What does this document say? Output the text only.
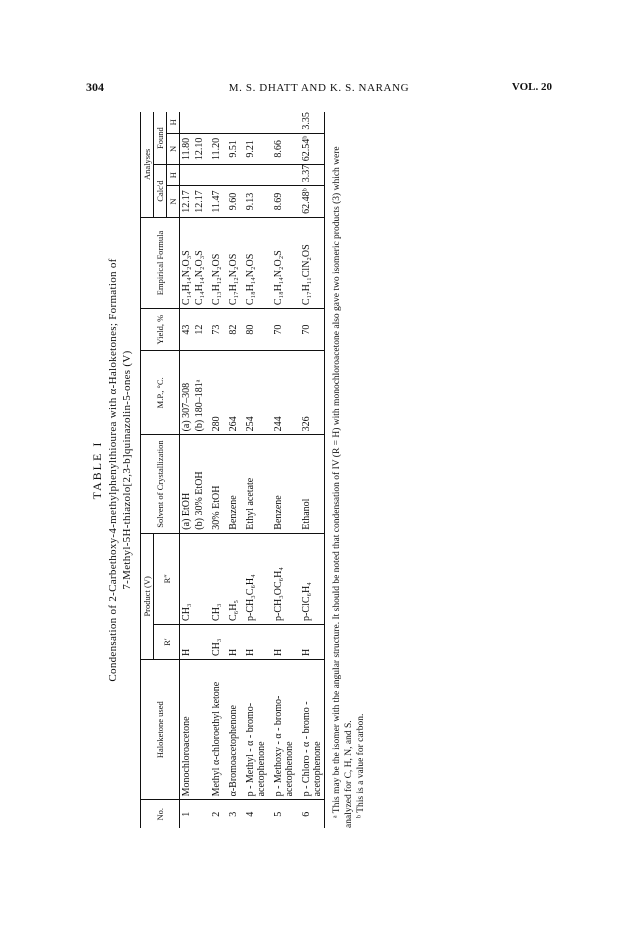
304	M. S. DHATT AND K. S. NARANG	VOL. 20
TABLE I Condensation of 2-Carbethoxy-4-methylphenylthiourea with α-Haloketones; Formation of 7-Methyl-5H-thiazolo[2,3-b]quinazolin-5-ones (V)
No.	Haloketone used	Product (V)		Solvent of Crystallization	M.P., °C.	Yield, %	Empirical Formula	Analyses			
		R′	R″					Calc'd		Found	
								N	H	N	H
1	Monochloroacetone	H	CH₃	(a) EtOH	(a) 307–308	43	C₁₄H₁₄N₂O₃S	12.17		11.80	
				(b) 30% EtOH	(b) 180–181ᵃ	12	C₁₄H₁₄N₂O₃S	12.17		12.10	
2	Methyl α-chloroethyl ketone	CH₃	CH₃	30% EtOH	280	73	C₁₃H₁₂N₂OS	11.47		11.20	
3	α-Bromoacetophenone	H	C₆H₅	Benzene	264	82	C₁₇H₁₂N₂OS	9.60		9.51	
4	p - Methyl - α - bromo-acetophenone	H	p-CH₃C₆H₄	Ethyl acetate	254	80	C₁₈H₁₄N₂OS	9.13		9.21	
5	p - Methoxy - α - bromo-acetophenone	H	p-CH₃OC₆H₄	Benzene	244	70	C₁₈H₁₄N₂O₂S	8.69		8.66	
6	p - Chloro - α - bromo - acetophenone	H	p-ClC₆H₄	Ethanol	326	70	C₁₇H₁₁ClN₂OS	62.48ᵇ	3.37	62.54ᵇ	3.35
ᵃ This may be the isomer with the angular structure. It should be noted that condensation of IV (R = H) with monochloroacetone also gave two isomeric products (3) which were analyzed for C, H, N, and S. ᵇ This is a value for carbon.
